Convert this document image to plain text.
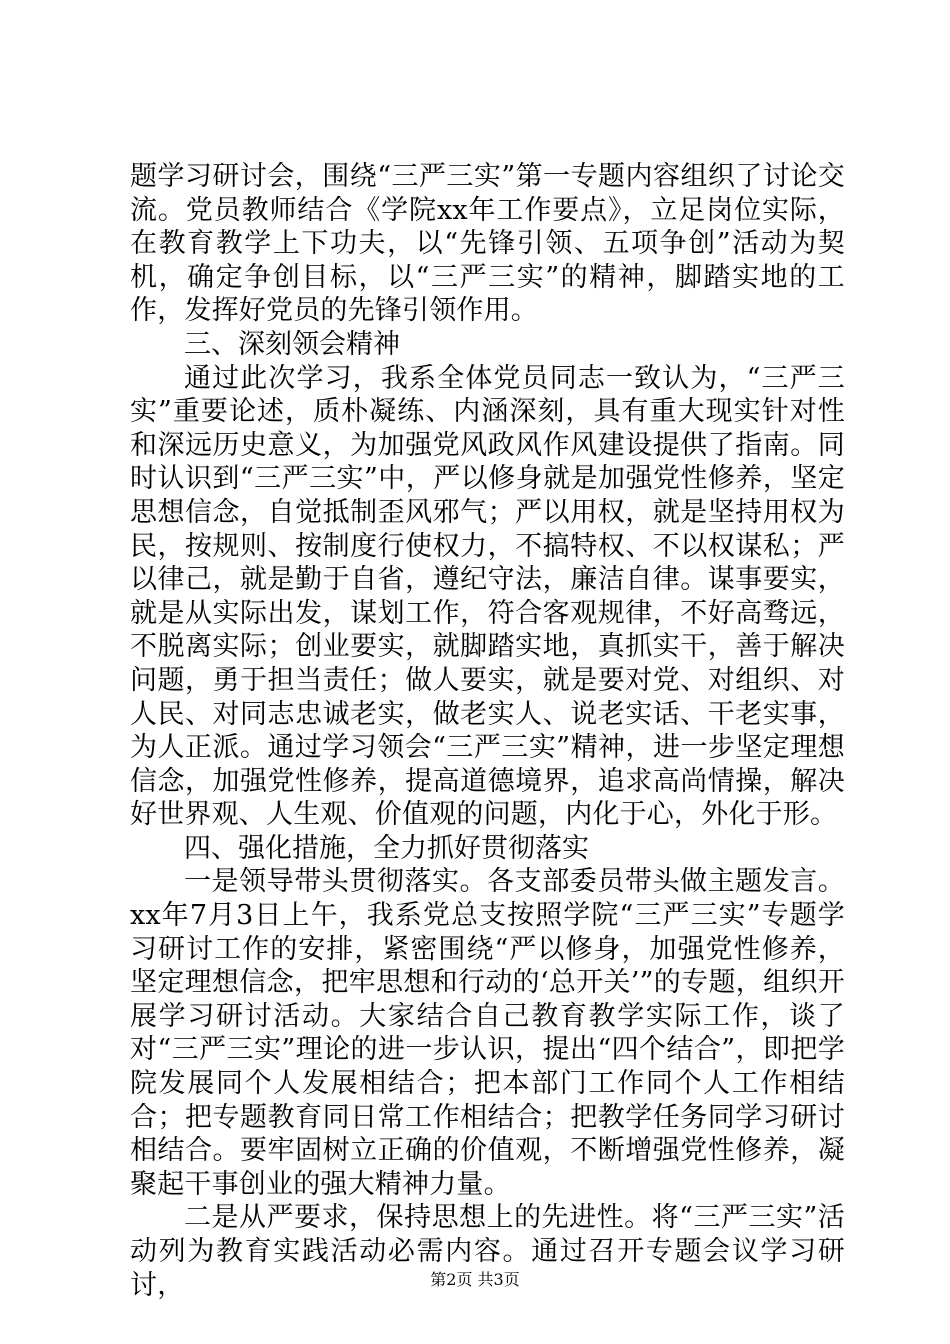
题学习研讨会，围绕“三严三实”第一专题内容组织了讨论交流。党员教师结合《学院xx年工作要点》，立足岗位实际，在教育教学上下功夫，以“先锋引领、五项争创”活动为契机，确定争创目标，以“三严三实”的精神，脚踏实地的工作，发挥好党员的先锋引领作用。

三、深刻领会精神

通过此次学习，我系全体党员同志一致认为，“三严三实”重要论述，质朴凝练、内涵深刻，具有重大现实针对性和深远历史意义，为加强党风政风作风建设提供了指南。同时认识到“三严三实”中，严以修身就是加强党性修养，坚定思想信念，自觉抵制歪风邪气；严以用权，就是坚持用权为民，按规则、按制度行使权力，不搞特权、不以权谋私；严以律己，就是勤于自省，遵纪守法，廉洁自律。谋事要实，就是从实际出发，谋划工作，符合客观规律，不好高骛远，不脱离实际；创业要实，就脚踏实地，真抓实干，善于解决问题，勇于担当责任；做人要实，就是要对党、对组织、对人民、对同志忠诚老实，做老实人、说老实话、干老实事，为人正派。通过学习领会“三严三实”精神，进一步坚定理想信念，加强党性修养，提高道德境界，追求高尚情操，解决好世界观、人生观、价值观的问题，内化于心，外化于形。

四、强化措施，全力抓好贯彻落实

一是领导带头贯彻落实。各支部委员带头做主题发言。xx年7月3日上午，我系党总支按照学院“三严三实”专题学习研讨工作的安排，紧密围绕“严以修身，加强党性修养，坚定理想信念，把牢思想和行动的‘总开关’”的专题，组织开展学习研讨活动。大家结合自己教育教学实际工作，谈了对“三严三实”理论的进一步认识，提出“四个结合”，即把学院发展同个人发展相结合；把本部门工作同个人工作相结合；把专题教育同日常工作相结合；把教学任务同学习研讨相结合。要牢固树立正确的价值观，不断增强党性修养，凝聚起干事创业的强大精神力量。

二是从严要求，保持思想上的先进性。将“三严三实”活动列为教育实践活动必需内容。通过召开专题会议学习研讨，	第2页 共3页
